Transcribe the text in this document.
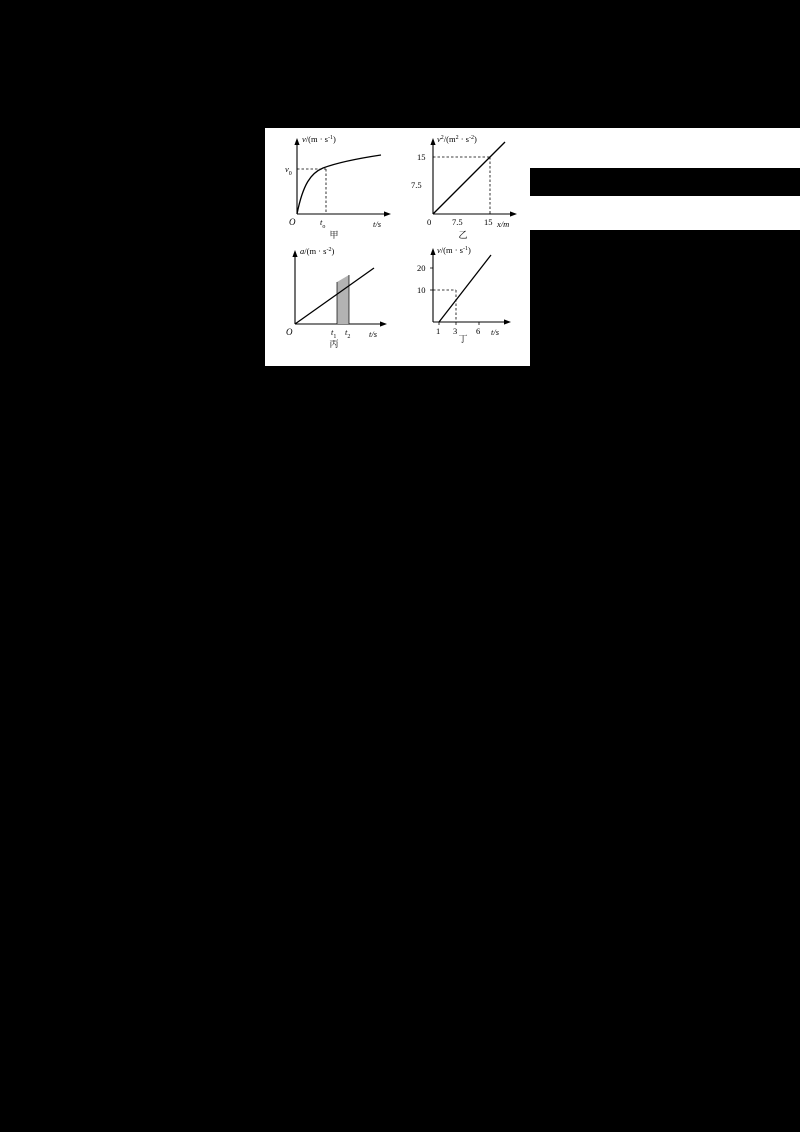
$v/(m \cdot s^{-1})$
t/s
$v_0$
O	$t_o$
甲
$v^2/(m^2 \cdot s^{-2})$
x/m
15
7.5
0 7.5	15
乙
$a/(m \cdot s^{-2})$
t/s
O	$t_1$ $t_2$
丙
$v/(m \cdot s^{-1})$
t/s
20
10
1 3 6
丁
